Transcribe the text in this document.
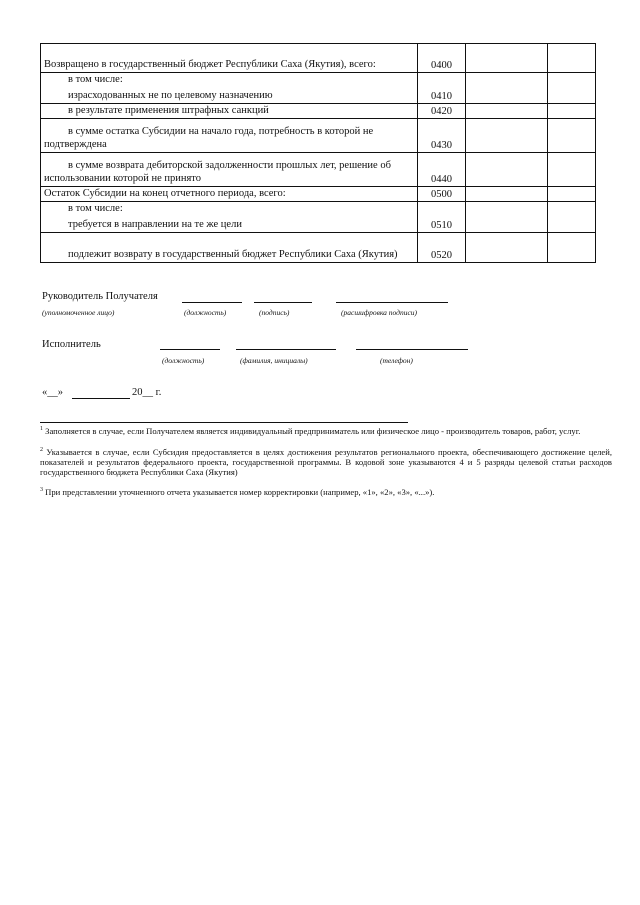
Возвращено в государственный бюджет Республики Саха (Якутия), всего:	0400		
в том числе:			
израсходованных не по целевому назначению	0410		
в результате применения штрафных санкций	0420		
в сумме остатка Субсидии на начало года, потребность в которой не подтверждена	0430		
в сумме возврата дебиторской задолженности прошлых лет, решение об использовании которой не принято	0440		
Остаток Субсидии на конец отчетного периода, всего:	0500		
в том числе:			
требуется в направлении на те же цели	0510		
подлежит возврату в государственный бюджет Республики Саха (Якутия)	0520		
Руководитель Получателя
(уполномоченное лицо)	(должность)	(подпись)	(расшифровка подписи)
Исполнитель
(должность)	(фамилия, инициалы)	(телефон)
«__»	20__ г.
$^1$ Заполняется в случае, если Получателем является индивидуальный предприниматель или физическое лицо - производитель товаров, работ, услуг.
$^2$ Указывается в случае, если Субсидия предоставляется в целях достижения результатов регионального проекта, обеспечивающего достижение целей, показателей и результатов федерального проекта, государственной программы. В кодовой зоне указываются 4 и 5 разряды целевой статьи расходов государственного бюджета Республики Саха (Якутия)
$^3$ При представлении уточненного отчета указывается номер корректировки (например, «1», «2», «3», «...»).
